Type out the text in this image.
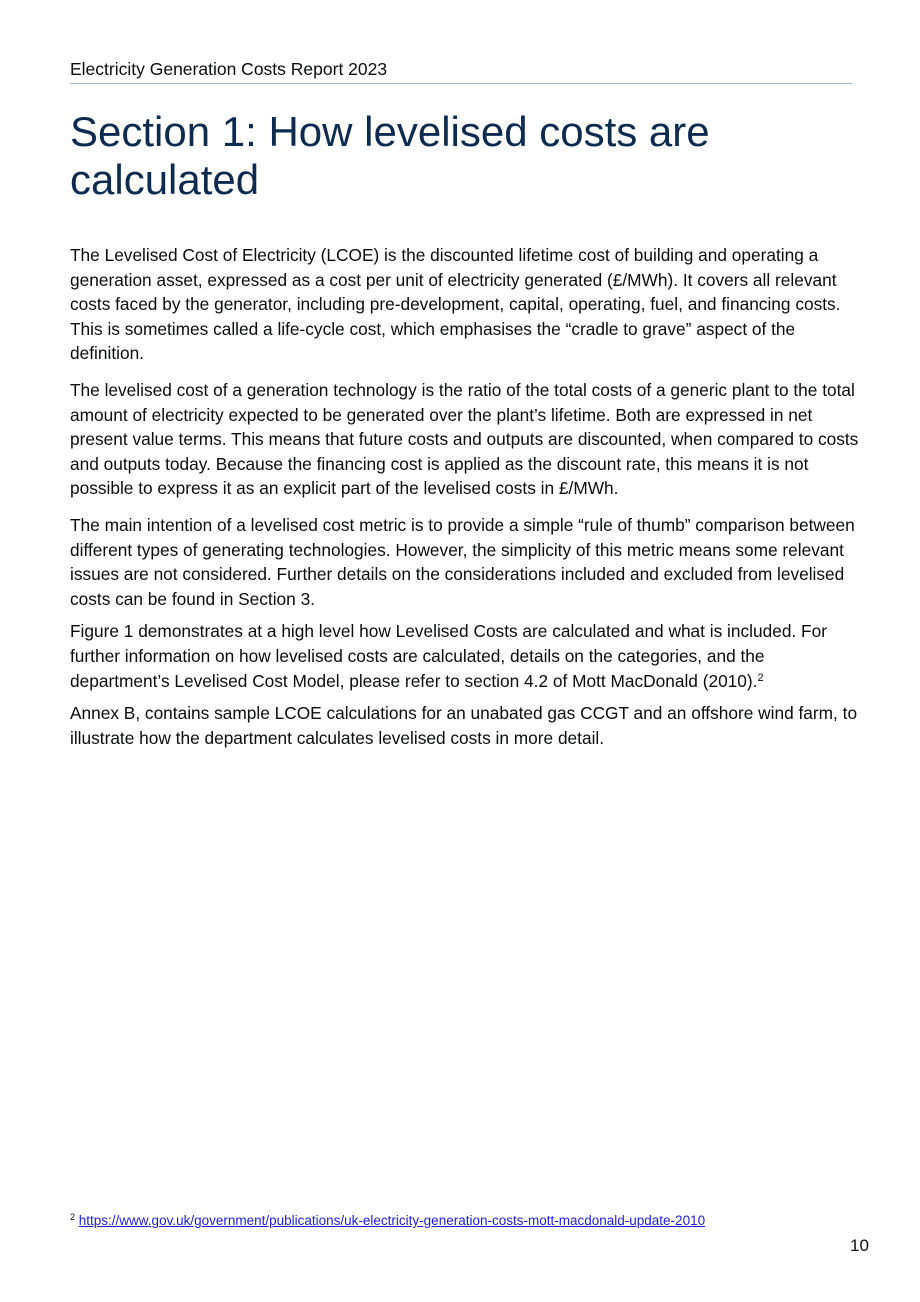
Electricity Generation Costs Report 2023
Section 1: How levelised costs are calculated

The Levelised Cost of Electricity (LCOE) is the discounted lifetime cost of building and operating a generation asset, expressed as a cost per unit of electricity generated (£/MWh). It covers all relevant costs faced by the generator, including pre-development, capital, operating, fuel, and financing costs. This is sometimes called a life-cycle cost, which emphasises the “cradle to grave” aspect of the definition.

The levelised cost of a generation technology is the ratio of the total costs of a generic plant to the total amount of electricity expected to be generated over the plant’s lifetime. Both are expressed in net present value terms. This means that future costs and outputs are discounted, when compared to costs and outputs today. Because the financing cost is applied as the discount rate, this means it is not possible to express it as an explicit part of the levelised costs in £/MWh.

The main intention of a levelised cost metric is to provide a simple “rule of thumb” comparison between different types of generating technologies. However, the simplicity of this metric means some relevant issues are not considered. Further details on the considerations included and excluded from levelised costs can be found in Section 3.

Figure 1 demonstrates at a high level how Levelised Costs are calculated and what is included. For further information on how levelised costs are calculated, details on the categories, and the department’s Levelised Cost Model, please refer to section 4.2 of Mott MacDonald (2010).$^2$

Annex B, contains sample LCOE calculations for an unabated gas CCGT and an offshore wind farm, to illustrate how the department calculates levelised costs in more detail.

$^2$ https://www.gov.uk/government/publications/uk-electricity-generation-costs-mott-macdonald-update-2010
10
